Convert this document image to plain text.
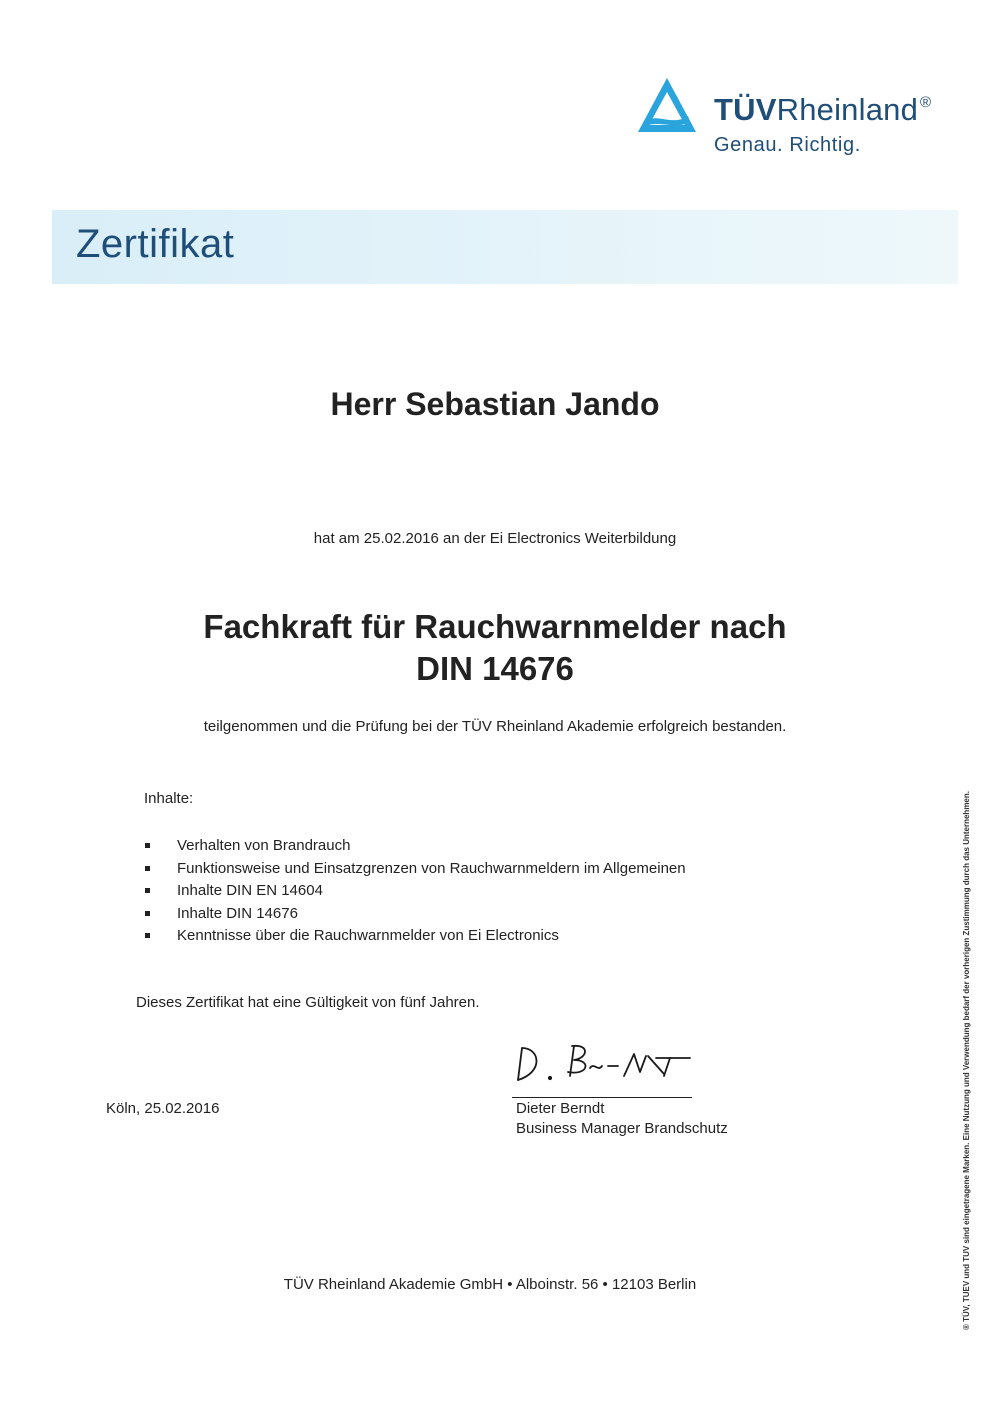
TÜVRheinland ®
Genau. Richtig.
Zertifikat
Herr Sebastian Jando
hat am 25.02.2016 an der Ei Electronics Weiterbildung
Fachkraft für Rauchwarnmelder nach
DIN 14676
teilgenommen und die Prüfung bei der TÜV Rheinland Akademie erfolgreich bestanden.
Inhalte:
Verhalten von Brandrauch
Funktionsweise und Einsatzgrenzen von Rauchwarnmeldern im Allgemeinen
Inhalte DIN EN 14604
Inhalte DIN 14676
Kenntnisse über die Rauchwarnmelder von Ei Electronics
Dieses Zertifikat hat eine Gültigkeit von fünf Jahren.
Köln, 25.02.2016	Dieter Berndt
Business Manager Brandschutz
TÜV Rheinland Akademie GmbH • Alboinstr. 56 • 12103 Berlin	® TÜV, TUEV und TUV sind eingetragene Marken. Eine Nutzung und Verwendung bedarf der vorherigen Zustimmung durch das Unternehmen.
